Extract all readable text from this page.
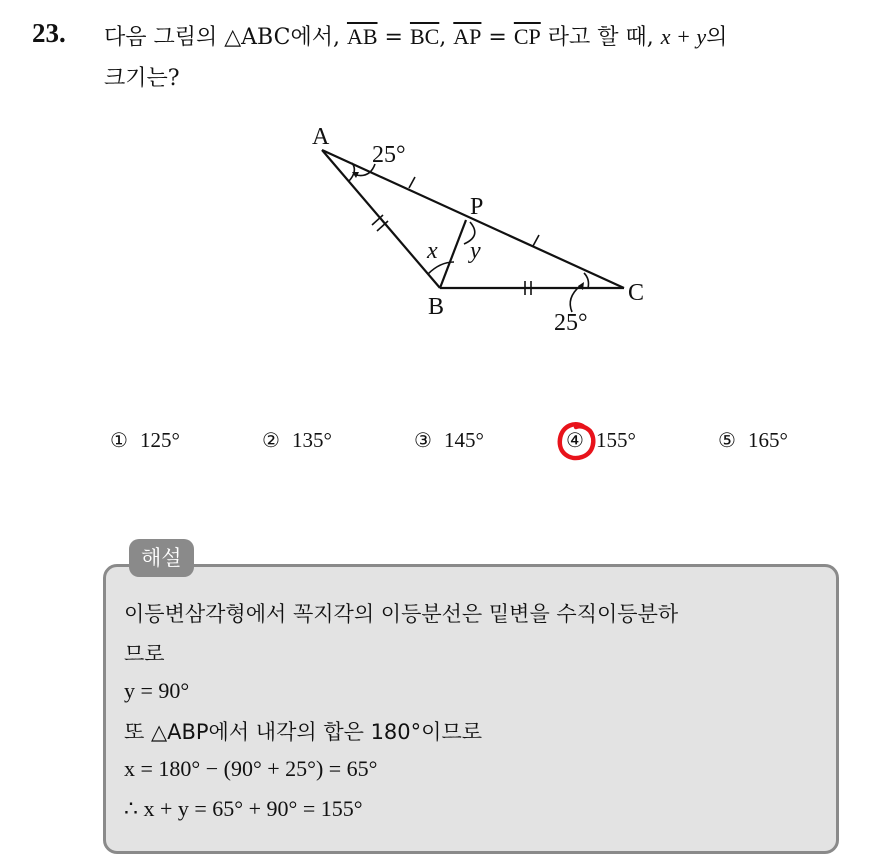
23. 다음 그림의 △ABC에서, $\overline{AB} = \overline{BC}$, $\overline{AP} = \overline{CP}$ 라고 할 때, x + y의
크기는?
A
B
C
P
25°
25°
x y
① 125°	② 135°	③ 145°	④ 155°	⑤ 165°
해설
이등변삼각형에서 꼭지각의 이등분선은 밑변을 수직이등분하
므로
y = 90°
또 △ABP에서 내각의 합은 180°이므로
x = 180° − (90° + 25°) = 65°
∴ x + y = 65° + 90° = 155°
